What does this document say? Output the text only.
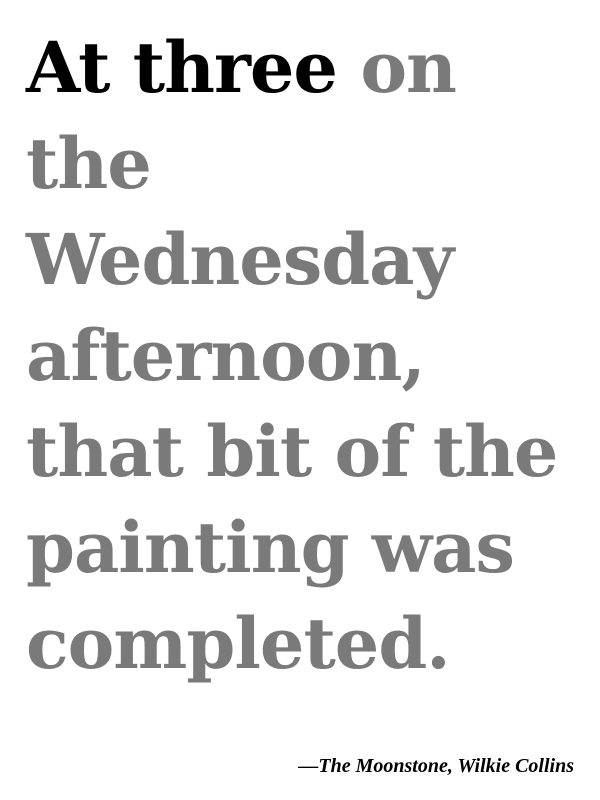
At three on
the
Wednesday
afternoon,
that bit of the
painting was
completed.

—The Moonstone, Wilkie Collins
